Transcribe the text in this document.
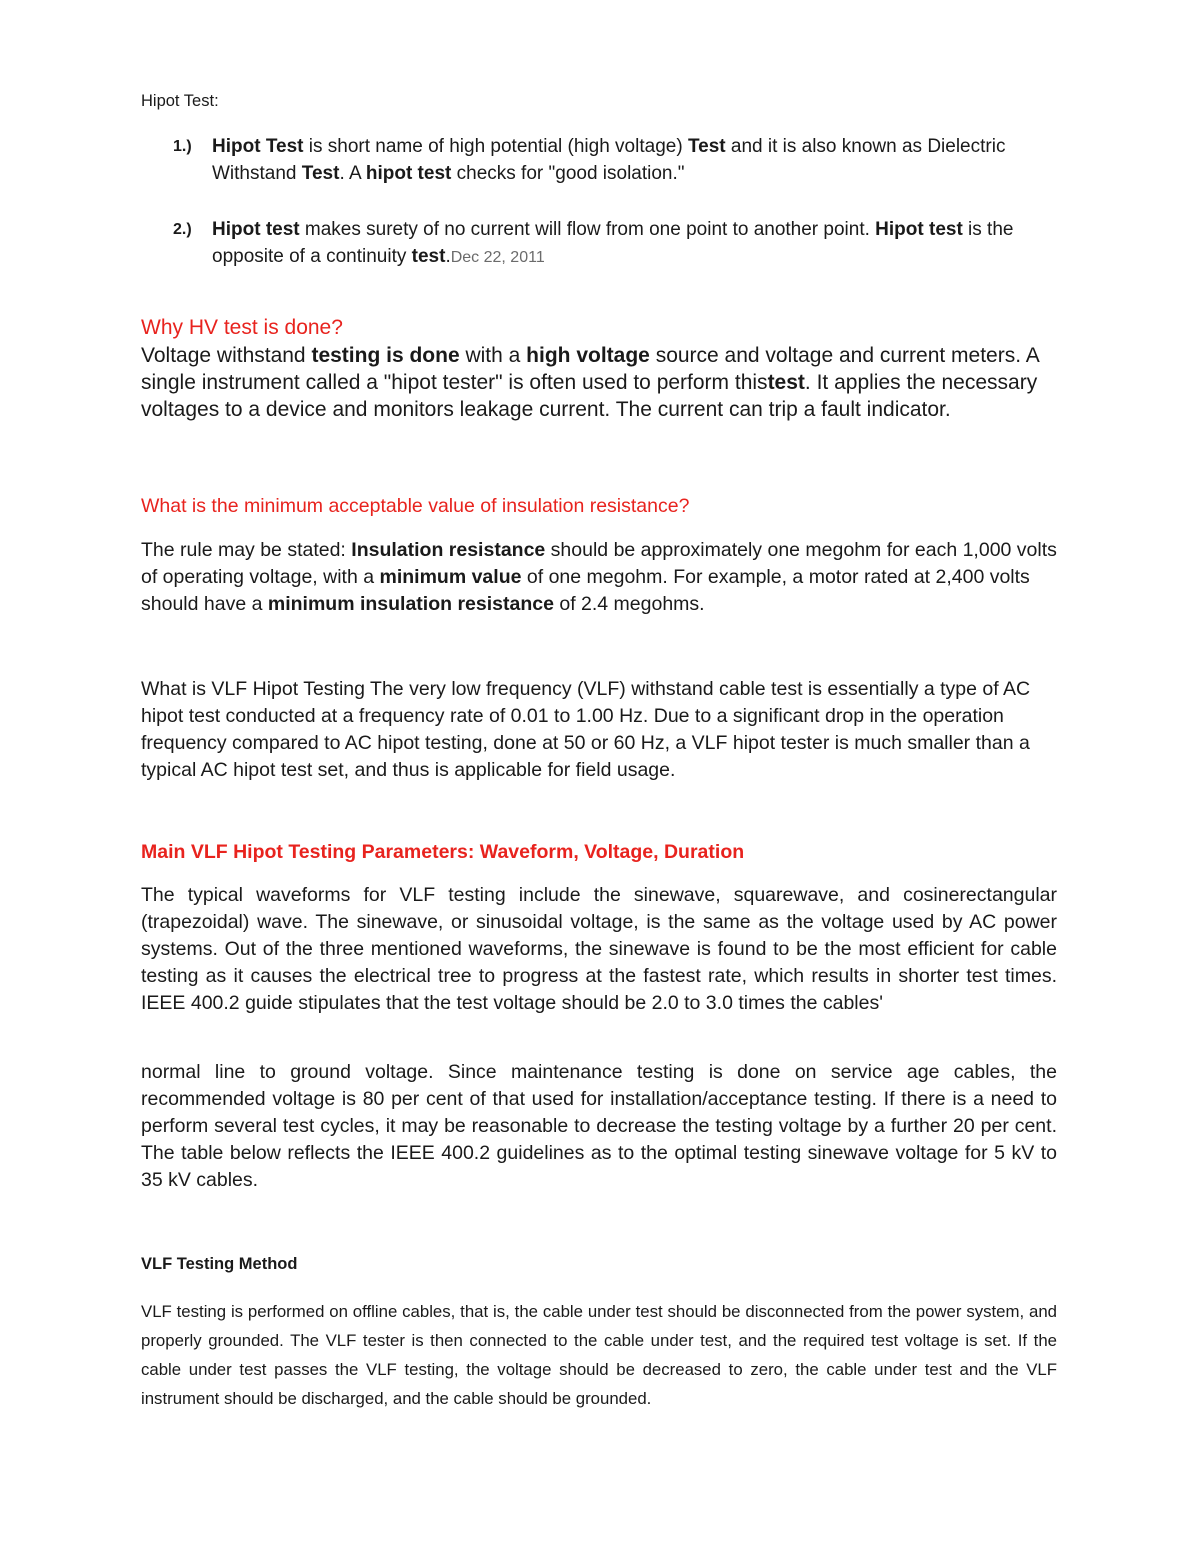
Hipot Test:
1.) Hipot Test is short name of high potential (high voltage) Test and it is also known as Dielectric Withstand Test. A hipot test checks for "good isolation."
2.) Hipot test makes surety of no current will flow from one point to another point. Hipot test is the opposite of a continuity test.Dec 22, 2011
Why HV test is done?
Voltage withstand testing is done with a high voltage source and voltage and current meters. A single instrument called a "hipot tester" is often used to perform thistest. It applies the necessary voltages to a device and monitors leakage current. The current can trip a fault indicator.
What is the minimum acceptable value of insulation resistance?
The rule may be stated: Insulation resistance should be approximately one megohm for each 1,000 volts of operating voltage, with a minimum value of one megohm. For example, a motor rated at 2,400 volts should have a minimum insulation resistance of 2.4 megohms.
What is VLF Hipot Testing The very low frequency (VLF) withstand cable test is essentially a type of AC hipot test conducted at a frequency rate of 0.01 to 1.00 Hz. Due to a significant drop in the operation frequency compared to AC hipot testing, done at 50 or 60 Hz, a VLF hipot tester is much smaller than a typical AC hipot test set, and thus is applicable for field usage.
Main VLF Hipot Testing Parameters: Waveform, Voltage, Duration
The typical waveforms for VLF testing include the sinewave, squarewave, and cosinerectangular (trapezoidal) wave. The sinewave, or sinusoidal voltage, is the same as the voltage used by AC power systems. Out of the three mentioned waveforms, the sinewave is found to be the most efficient for cable testing as it causes the electrical tree to progress at the fastest rate, which results in shorter test times. IEEE 400.2 guide stipulates that the test voltage should be 2.0 to 3.0 times the cables'
normal line to ground voltage. Since maintenance testing is done on service age cables, the recommended voltage is 80 per cent of that used for installation/acceptance testing. If there is a need to perform several test cycles, it may be reasonable to decrease the testing voltage by a further 20 per cent. The table below reflects the IEEE 400.2 guidelines as to the optimal testing sinewave voltage for 5 kV to 35 kV cables.
VLF Testing Method
VLF testing is performed on offline cables, that is, the cable under test should be disconnected from the power system, and properly grounded. The VLF tester is then connected to the cable under test, and the required test voltage is set. If the cable under test passes the VLF testing, the voltage should be decreased to zero, the cable under test and the VLF instrument should be discharged, and the cable should be grounded.
